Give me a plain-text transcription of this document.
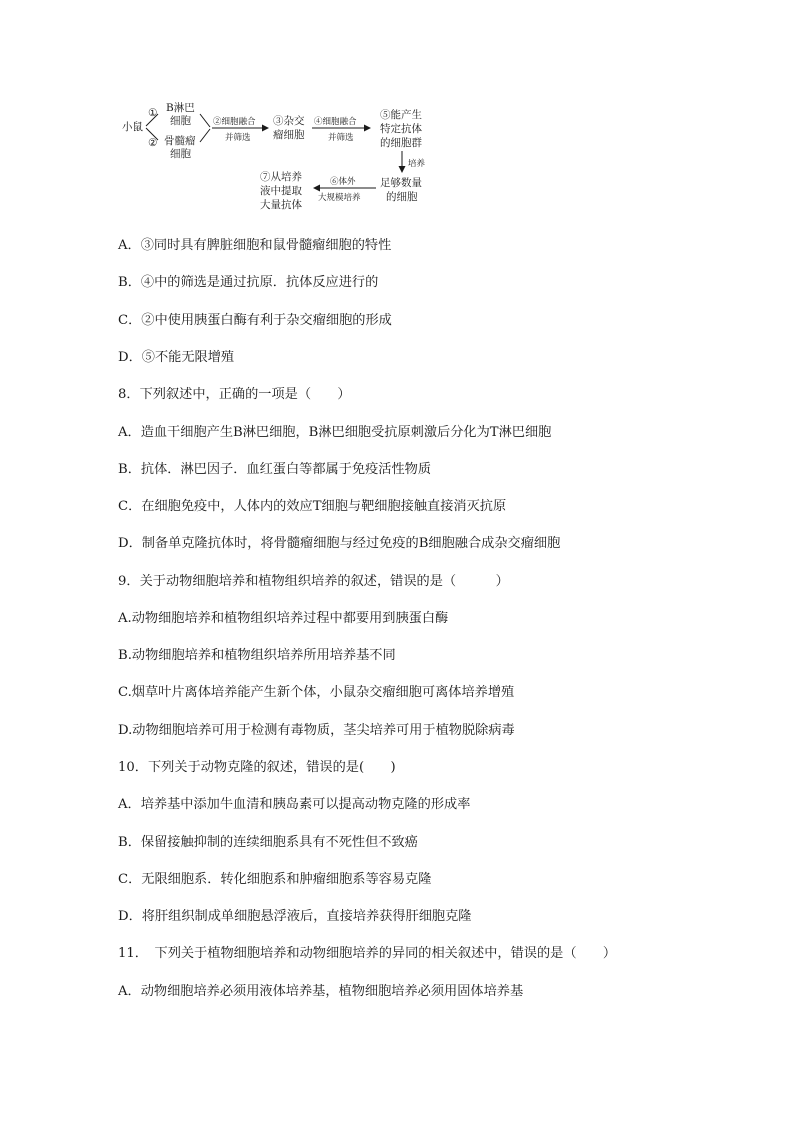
小鼠
①
②
B淋巴
细胞
骨髓瘤
细胞
②细胞融合
并筛选
③杂交
瘤细胞
④细胞融合
并筛选
⑤能产生
特定抗体
的细胞群
培养
足够数量
的细胞
⑥体外
大规模培养
⑦从培养
液中提取
大量抗体
A．③同时具有脾脏细胞和鼠骨髓瘤细胞的特性
B．④中的筛选是通过抗原．抗体反应进行的
C．②中使用胰蛋白酶有利于杂交瘤细胞的形成
D．⑤不能无限增殖
8．下列叙述中，正确的一项是（　　）
A．造血干细胞产生B淋巴细胞，B淋巴细胞受抗原刺激后分化为T淋巴细胞
B．抗体．淋巴因子．血红蛋白等都属于免疫活性物质
C．在细胞免疫中，人体内的效应T细胞与靶细胞接触直接消灭抗原
D．制备单克隆抗体时，将骨髓瘤细胞与经过免疫的B细胞融合成杂交瘤细胞
9．关于动物细胞培养和植物组织培养的叙述，错误的是（　　　）
A.动物细胞培养和植物组织培养过程中都要用到胰蛋白酶
B.动物细胞培养和植物组织培养所用培养基不同
C.烟草叶片离体培养能产生新个体，小鼠杂交瘤细胞可离体培养增殖
D.动物细胞培养可用于检测有毒物质，茎尖培养可用于植物脱除病毒
10．下列关于动物克隆的叙述，错误的是(　　)
A．培养基中添加牛血清和胰岛素可以提高动物克隆的形成率
B．保留接触抑制的连续细胞系具有不死性但不致癌
C．无限细胞系．转化细胞系和肿瘤细胞系等容易克隆
D．将肝组织制成单细胞悬浮液后，直接培养获得肝细胞克隆
11．　下列关于植物细胞培养和动物细胞培养的异同的相关叙述中，错误的是（　　）
A．动物细胞培养必须用液体培养基，植物细胞培养必须用固体培养基
